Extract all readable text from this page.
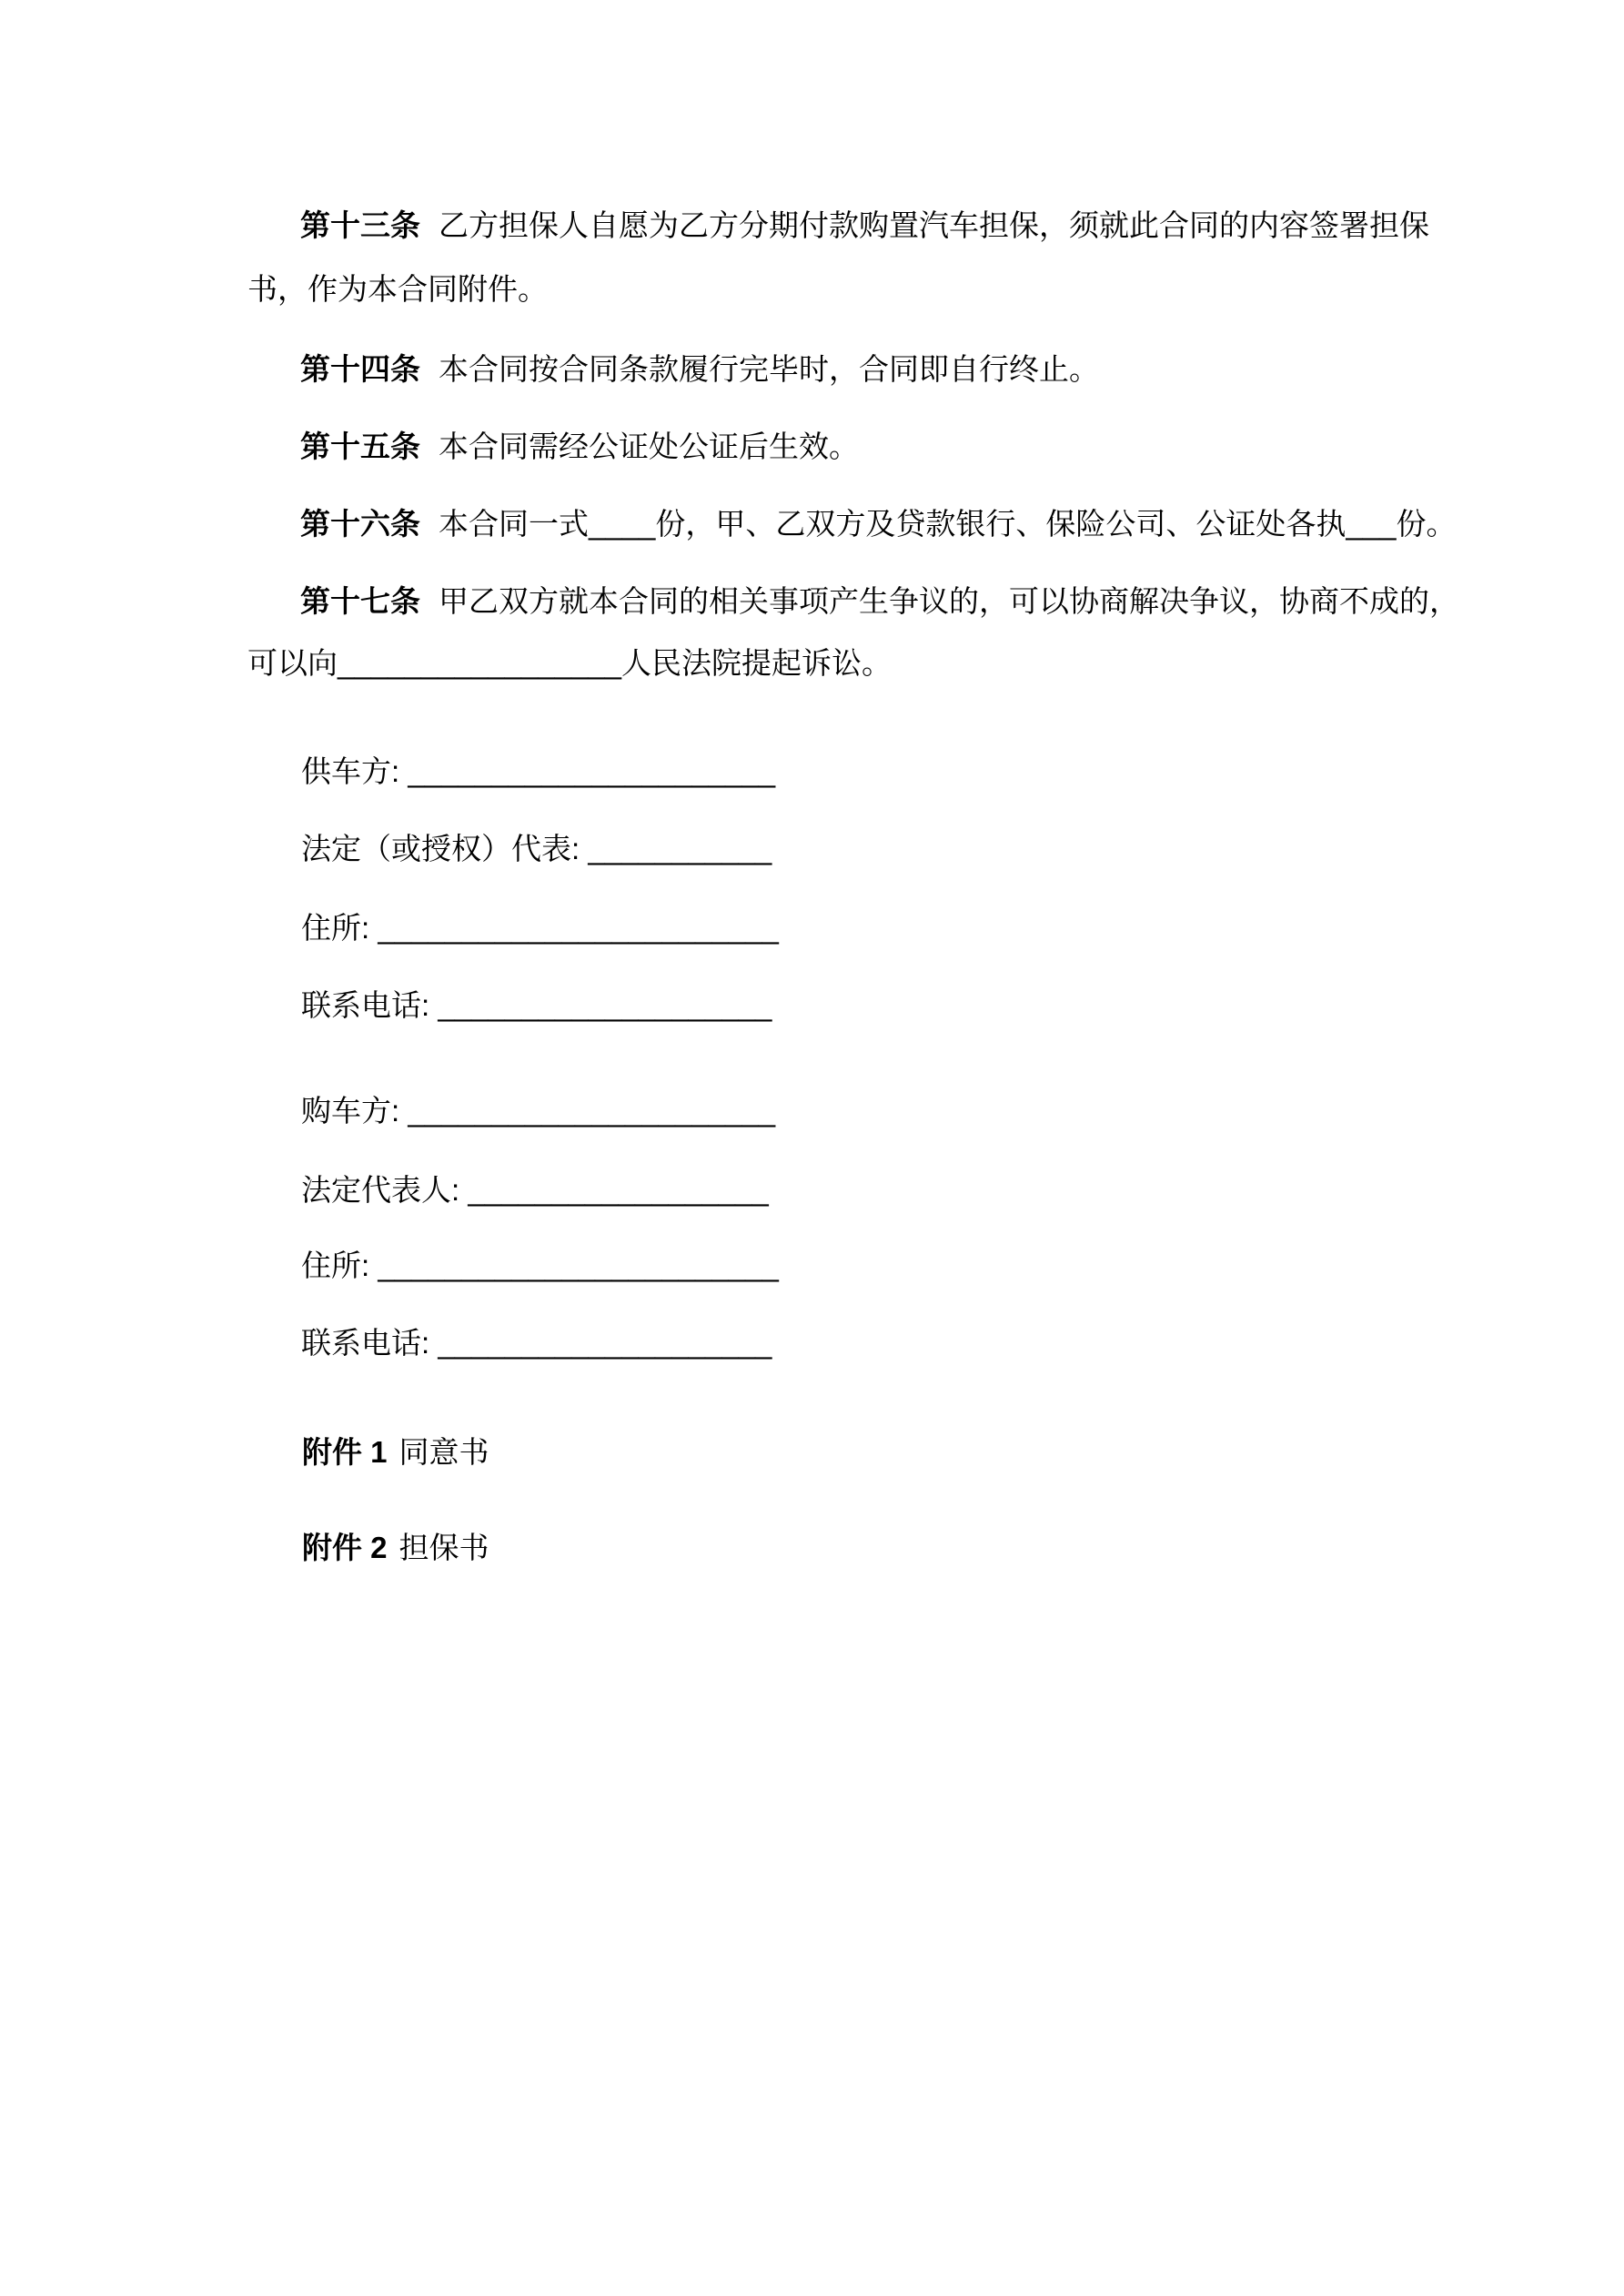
第十三条 乙方担保人自愿为乙方分期付款购置汽车担保，须就此合同的内容签署担保
书，作为本合同附件。
第十四条 本合同按合同条款履行完毕时，合同即自行终止。
第十五条 本合同需经公证处公证后生效。
第十六条 本合同一式____份，甲、乙双方及贷款银行、保险公司、公证处各执___份。
第十七条 甲乙双方就本合同的相关事项产生争议的，可以协商解决争议，协商不成的，
可以向_________________人民法院提起诉讼。
供车方: ______________________
法定（或授权）代表: ___________
住所: ________________________
联系电话: ____________________
购车方: ______________________
法定代表人: __________________
住所: ________________________
联系电话: ____________________
附件 1 同意书
附件 2 担保书
